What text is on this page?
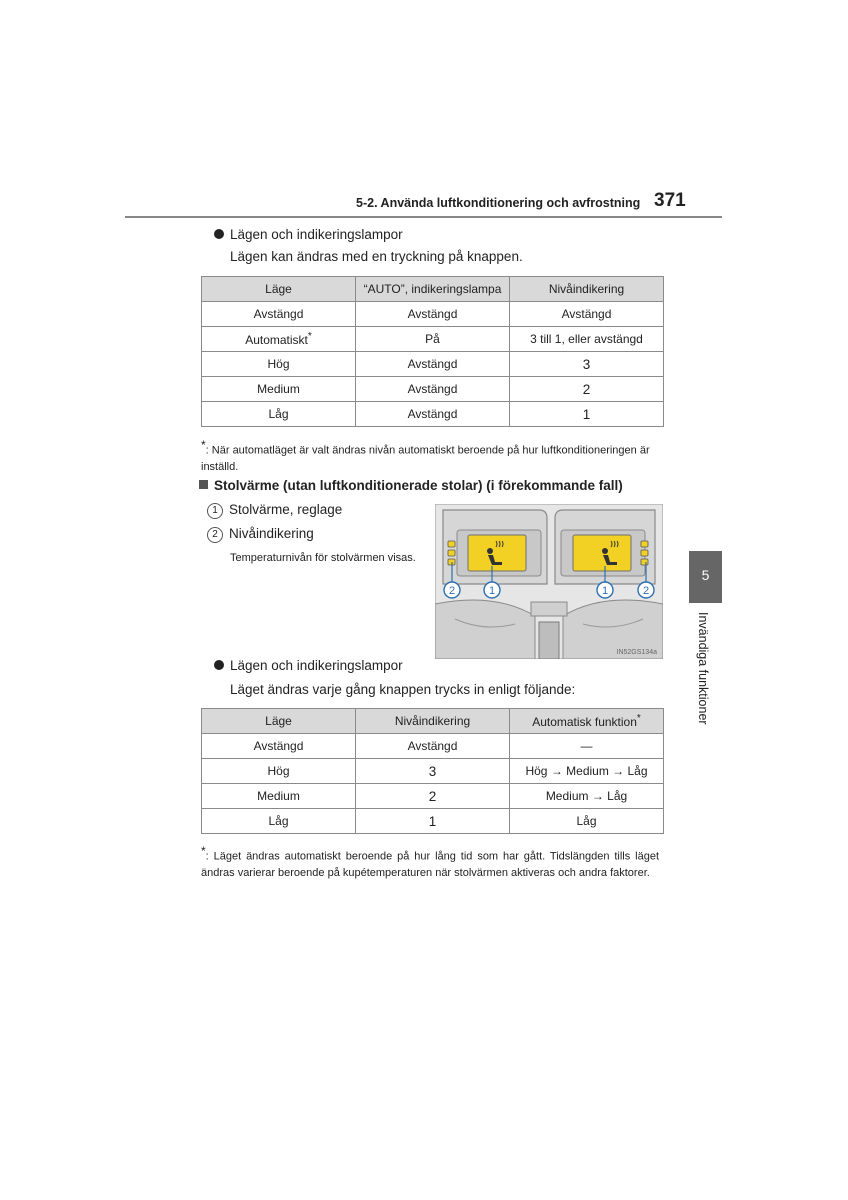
5-2. Använda luftkonditionering och avfrostning 371
5
Invändiga funktioner
Lägen och indikeringslampor
Lägen kan ändras med en tryckning på knappen.
Läge	“AUTO”, indikeringslampa	Nivåindikering
Avstängd	Avstängd	Avstängd
Automatiskt*	På	3 till 1, eller avstängd
Hög	Avstängd	3
Medium	Avstängd	2
Låg	Avstängd	1
*: När automatläget är valt ändras nivån automatiskt beroende på hur luftkonditioneringen är inställd.
Stolvärme (utan luftkonditionerade stolar) (i förekommande fall)
1 Stolvärme, reglage
2 Nivåindikering
Temperaturnivån för stolvärmen visas.
2	1	1	2
IN52GS134a
Lägen och indikeringslampor
Läget ändras varje gång knappen trycks in enligt följande:
Läge	Nivåindikering	Automatisk funktion*
Avstängd	Avstängd	—
Hög	3	Hög → Medium → Låg
Medium	2	Medium → Låg
Låg	1	Låg
*: Läget ändras automatiskt beroende på hur lång tid som har gått. Tidslängden tills läget ändras varierar beroende på kupétemperaturen när stolvärmen aktiveras och andra faktorer.
